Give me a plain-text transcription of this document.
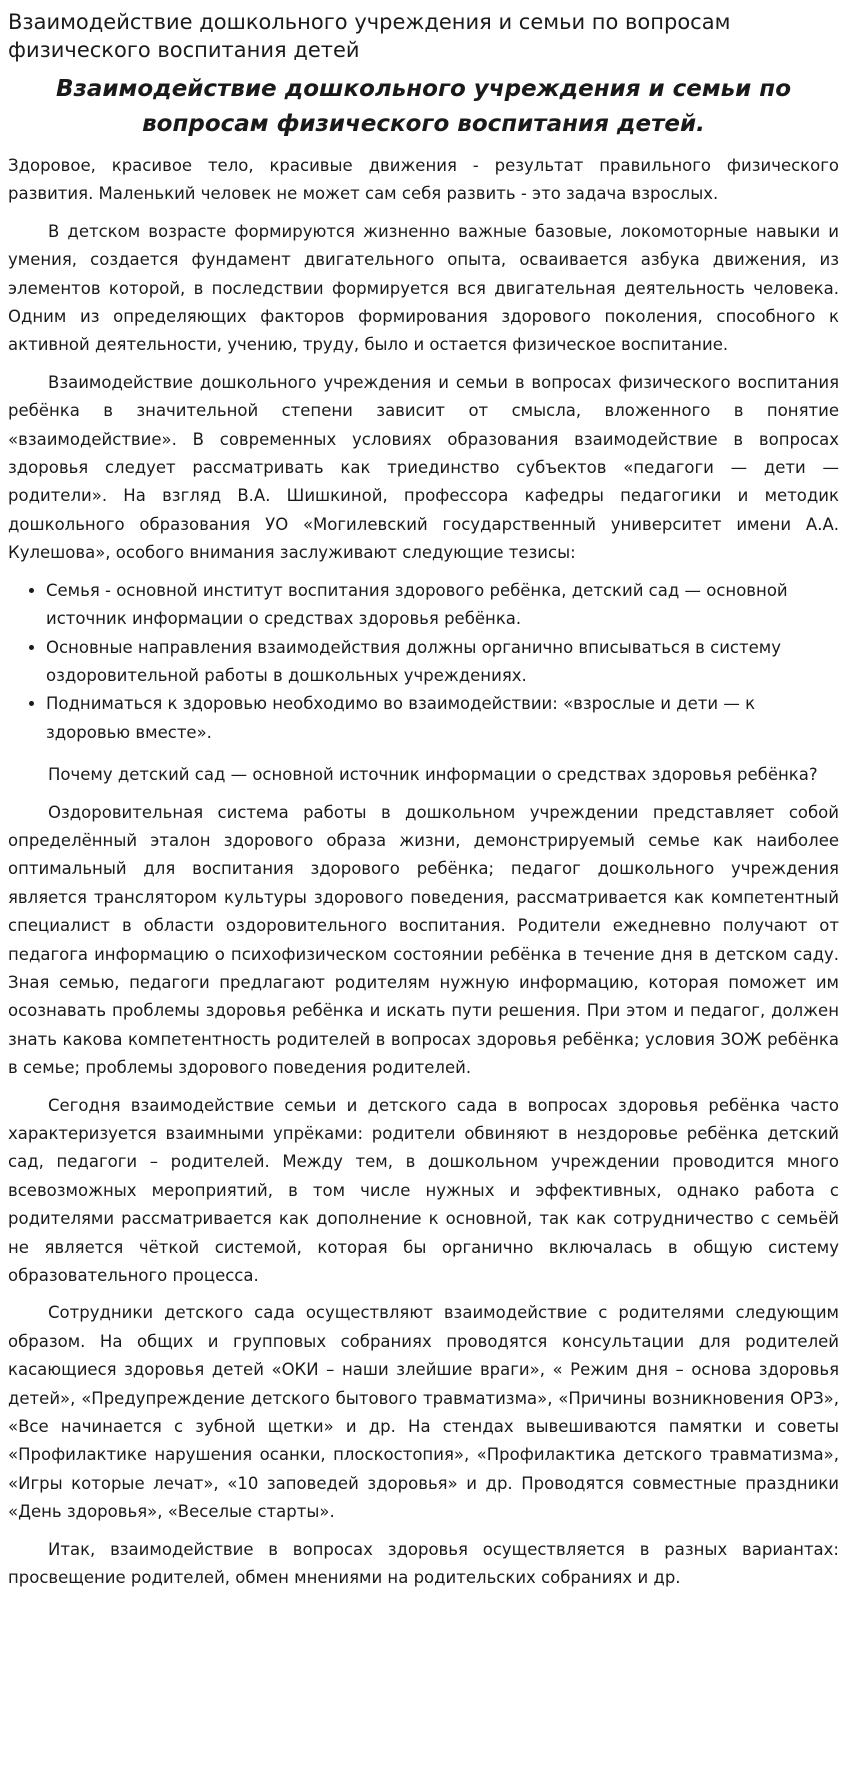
Взаимодействие дошкольного учреждения и семьи по вопросам физического воспитания детей
Взаимодействие дошкольного учреждения и семьи по вопросам физического воспитания детей.

Здоровое, красивое тело, красивые движения - результат правильного физического развития. Маленький человек не может сам себя развить - это задача взрослых.

В детском возрасте формируются жизненно важные базовые, локомоторные навыки и умения, создается фундамент двигательного опыта, осваивается азбука движения, из элементов которой, в последствии формируется вся двигательная деятельность человека. Одним из определяющих факторов формирования здорового поколения, способного к активной деятельности, учению, труду, было и остается физическое воспитание.

Взаимодействие дошкольного учреждения и семьи в вопросах физического воспитания ребёнка в значительной степени зависит от смысла, вложенного в понятие «взаимодействие». В современных условиях образования взаимодействие в вопросах здоровья следует рассматривать как триединство субъектов «педагоги — дети — родители». На взгляд В.А. Шишкиной, профессора кафедры педагогики и методик дошкольного образования УО «Могилевский государственный университет имени А.А. Кулешова», особого внимания заслуживают следующие тезисы:

• Семья - основной институт воспитания здорового ребёнка, детский сад — основной источник информации о средствах здоровья ребёнка.
• Основные направления взаимодействия должны органично вписываться в систему оздоровительной работы в дошкольных учреждениях.
• Подниматься к здоровью необходимо во взаимодействии: «взрослые и дети — к здоровью вместе».

Почему детский сад — основной источник информации о средствах здоровья ребёнка?

Оздоровительная система работы в дошкольном учреждении представляет собой определённый эталон здорового образа жизни, демонстрируемый семье как наиболее оптимальный для воспитания здорового ребёнка; педагог дошкольного учреждения является транслятором культуры здорового поведения, рассматривается как компетентный специалист в области оздоровительного воспитания. Родители ежедневно получают от педагога информацию о психофизическом состоянии ребёнка в течение дня в детском саду. Зная семью, педагоги предлагают родителям нужную информацию, которая поможет им осознавать проблемы здоровья ребёнка и искать пути решения. При этом и педагог, должен знать какова компетентность родителей в вопросах здоровья ребёнка; условия ЗОЖ ребёнка в семье; проблемы здорового поведения родителей.

Сегодня взаимодействие семьи и детского сада в вопросах здоровья ребёнка часто характеризуется взаимными упрёками: родители обвиняют в нездоровье ребёнка детский сад, педагоги – родителей. Между тем, в дошкольном учреждении проводится много всевозможных мероприятий, в том числе нужных и эффективных, однако работа с родителями рассматривается как дополнение к основной, так как сотрудничество с семьёй не является чёткой системой, которая бы органично включалась в общую систему образовательного процесса.

Сотрудники детского сада осуществляют взаимодействие с родителями следующим образом. На общих и групповых собраниях проводятся консультации для родителей касающиеся здоровья детей «ОКИ – наши злейшие враги», « Режим дня – основа здоровья детей», «Предупреждение детского бытового травматизма», «Причины возникновения ОРЗ», «Все начинается с зубной щетки» и др. На стендах вывешиваются памятки и советы «Профилактике нарушения осанки, плоскостопия», «Профилактика детского травматизма», «Игры которые лечат», «10 заповедей здоровья» и др. Проводятся совместные праздники «День здоровья», «Веселые старты».

Итак, взаимодействие в вопросах здоровья осуществляется в разных вариантах: просвещение родителей, обмен мнениями на родительских собраниях и др.
